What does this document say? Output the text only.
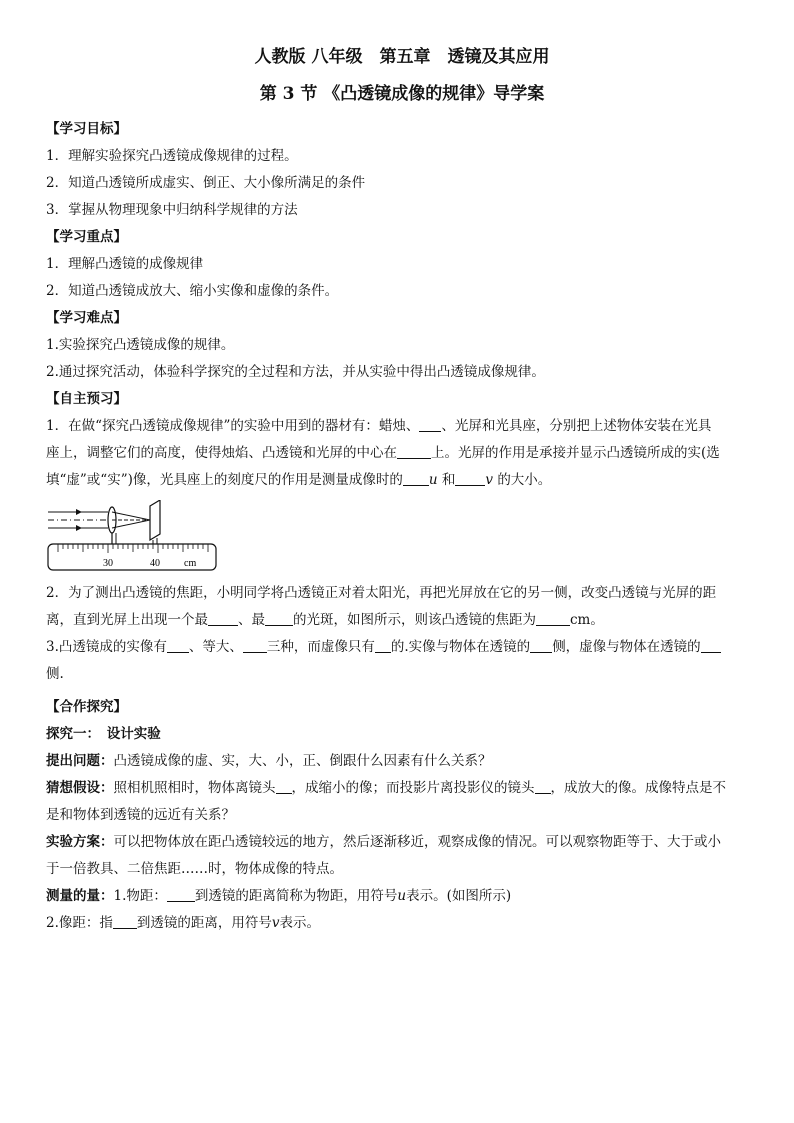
人教版 八年级　第五章　透镜及其应用
第 3 节 《凸透镜成像的规律》导学案
【学习目标】
1．理解实验探究凸透镜成像规律的过程。
2．知道凸透镜所成虚实、倒正、大小像所满足的条件
3．掌握从物理现象中归纳科学规律的方法
【学习重点】
1．理解凸透镜的成像规律
2．知道凸透镜成放大、缩小实像和虚像的条件。
【学习难点】
1.实验探究凸透镜成像的规律。
2.通过探究活动，体验科学探究的全过程和方法，并从实验中得出凸透镜成像规律。
【自主预习】
1．在做“探究凸透镜成像规律”的实验中用到的器材有：蜡烛、 、光屏和光具座，分别把上述物体安装在光具
座上，调整它们的高度，使得烛焰、凸透镜和光屏的中心在	上。光屏的作用是承接并显示凸透镜所成的实(选
填“虚”或“实”)像，光具座上的刻度尺的作用是测量成像时的 u 和 v 的大小。
30	40 cm
2．为了测出凸透镜的焦距，小明同学将凸透镜正对着太阳光，再把光屏放在它的另一侧，改变凸透镜与光屏的距
离，直到光屏上出现一个最 、最 的光斑，如图所示，则该凸透镜的焦距为	cm。
3.凸透镜成的实像有 、等大、 三种，而虚像只有 的.实像与物体在透镜的 侧，虚像与物体在透镜的
侧.
【合作探究】
探究一：　设计实验
提出问题：凸透镜成像的虚、实，大、小，正、倒跟什么因素有什么关系？
猜想假设：照相机照相时，物体离镜头 ，成缩小的像；而投影片离投影仪的镜头 ，成放大的像。成像特点是不
是和物体到透镜的远近有关系？
实验方案：可以把物体放在距凸透镜较远的地方，然后逐渐移近，观察成像的情况。可以观察物距等于、大于或小
于一倍教具、二倍焦距……时，物体成像的特点。
测量的量：1.物距： 到透镜的距离简称为物距，用符号u表示。(如图所示)
2.像距：指 到透镜的距离，用符号v表示。
